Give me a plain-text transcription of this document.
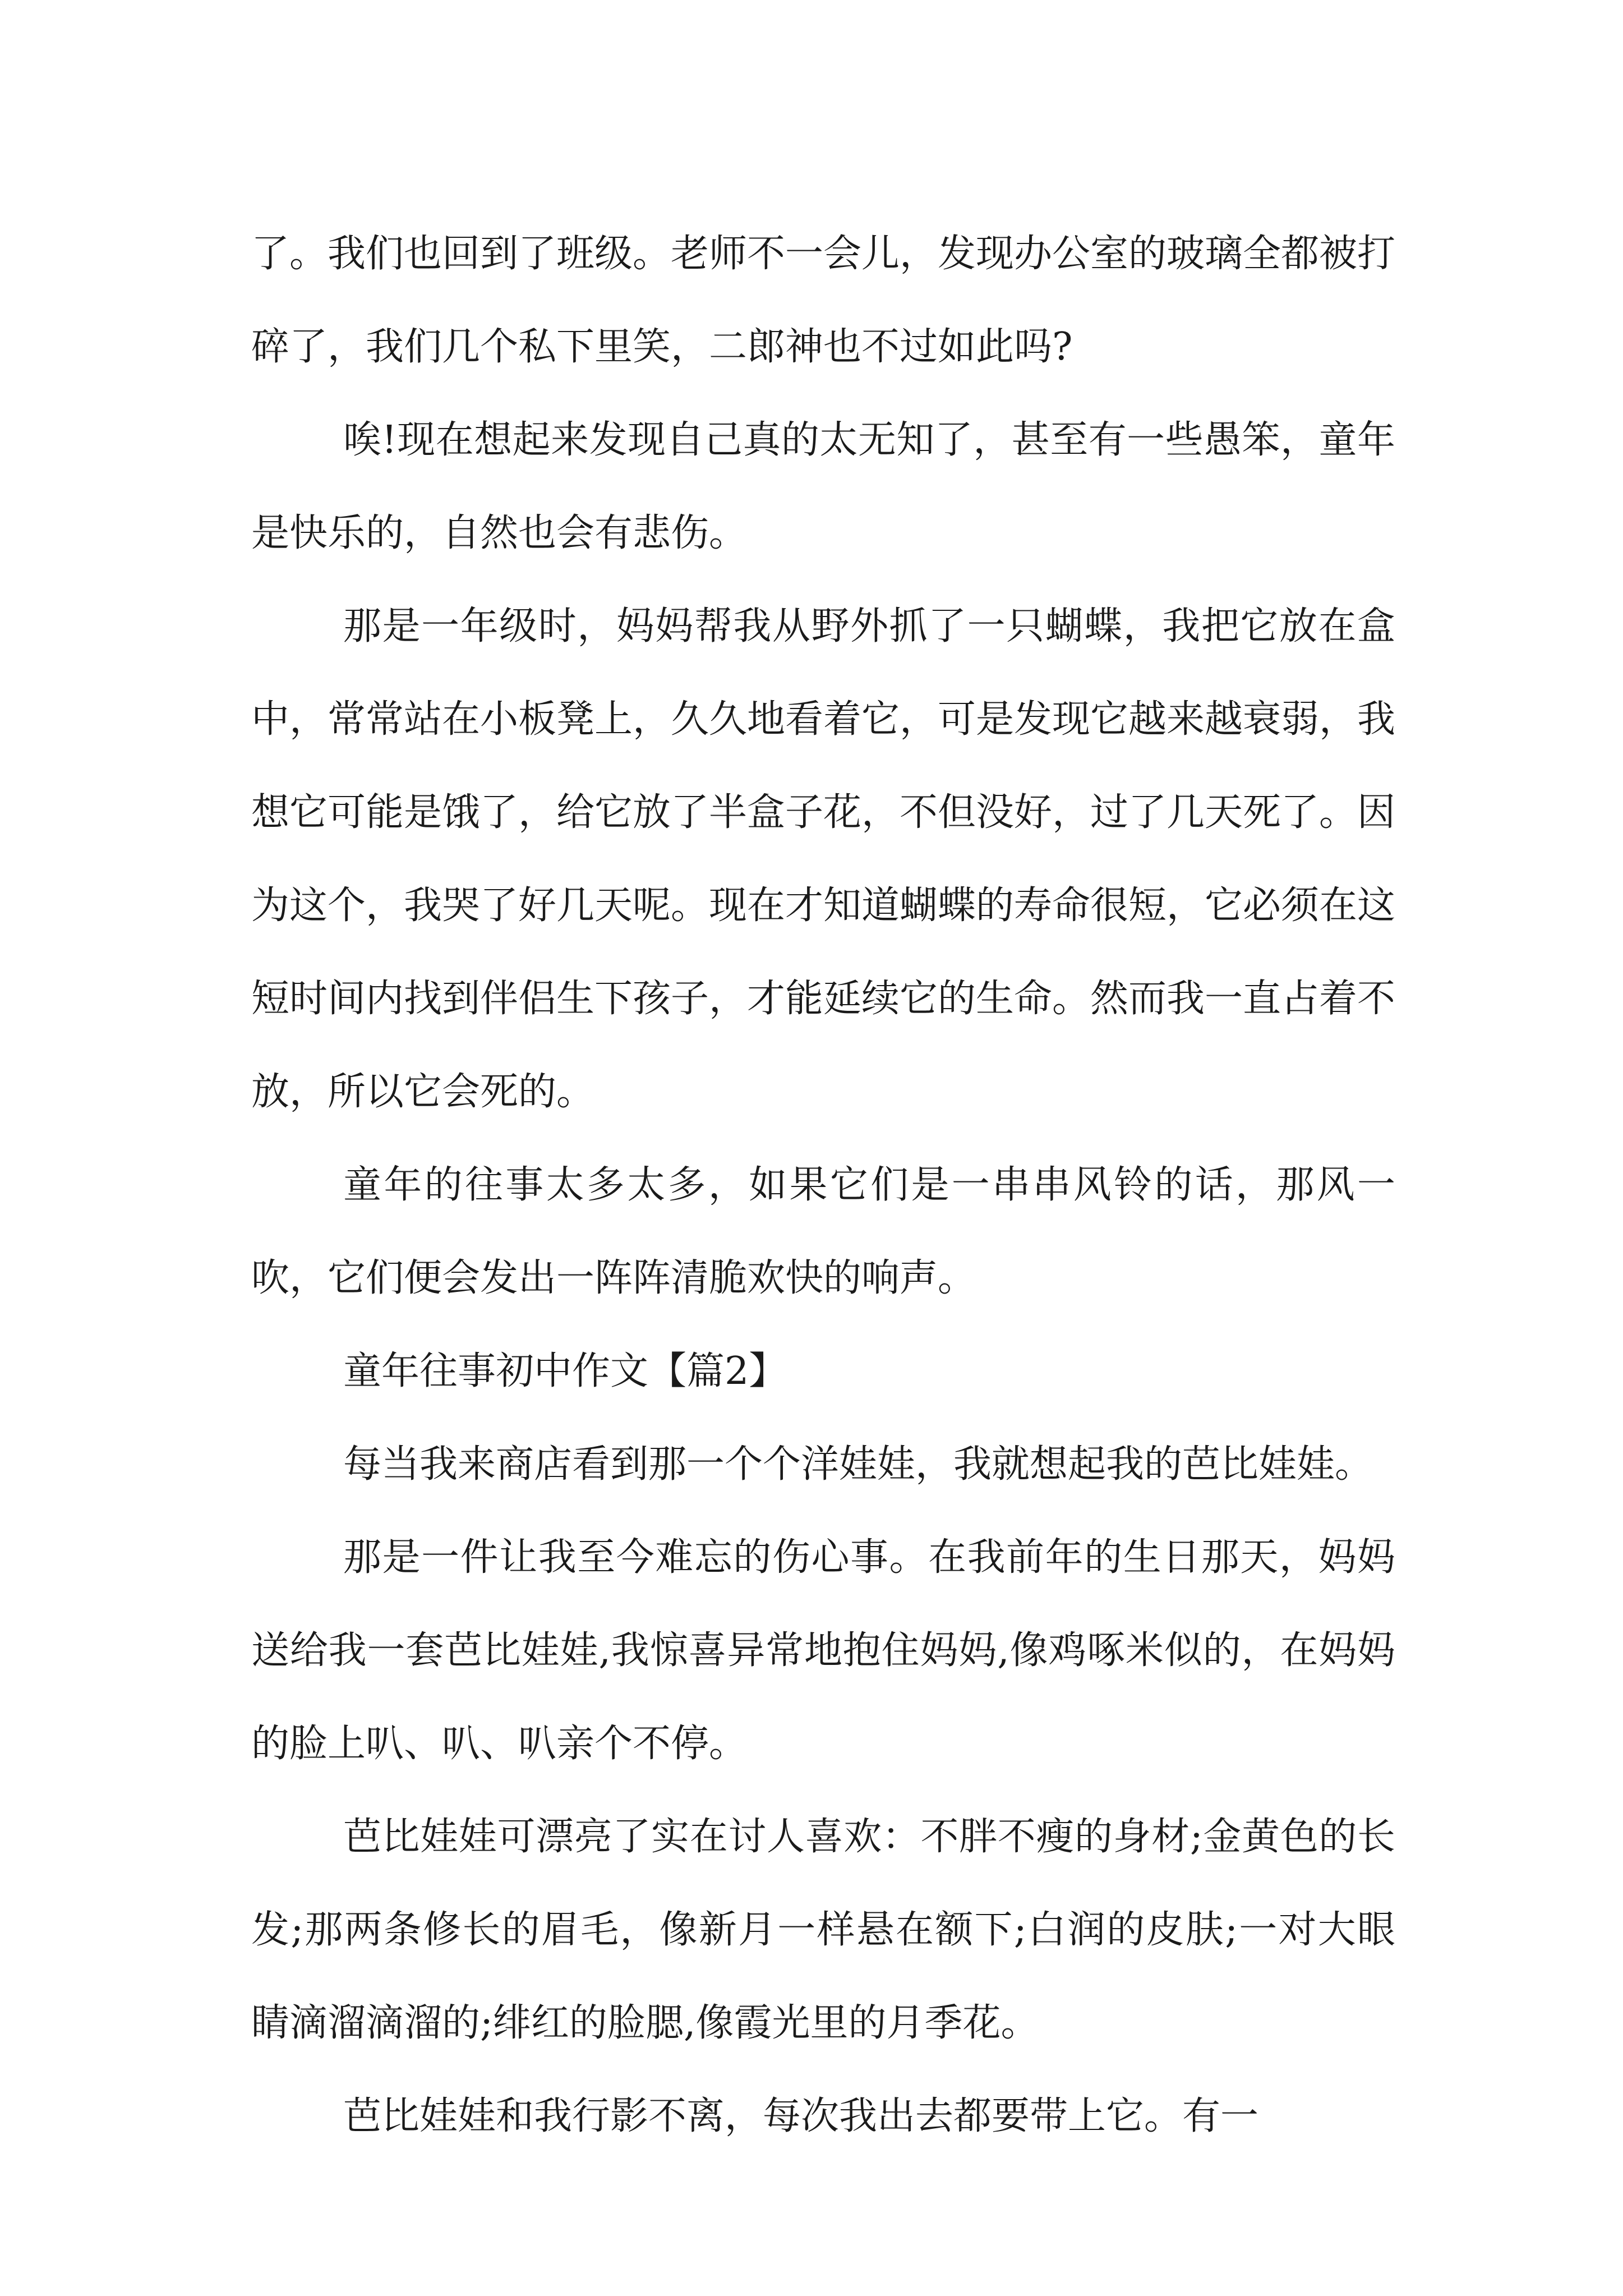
了。我们也回到了班级。老师不一会儿，发现办公室的玻璃全都被打碎了，我们几个私下里笑，二郎神也不过如此吗?

唉!现在想起来发现自己真的太无知了，甚至有一些愚笨，童年是快乐的，自然也会有悲伤。

那是一年级时，妈妈帮我从野外抓了一只蝴蝶，我把它放在盒中，常常站在小板凳上，久久地看着它，可是发现它越来越衰弱，我想它可能是饿了，给它放了半盒子花，不但没好，过了几天死了。因为这个，我哭了好几天呢。现在才知道蝴蝶的寿命很短，它必须在这短时间内找到伴侣生下孩子，才能延续它的生命。然而我一直占着不放，所以它会死的。

童年的往事太多太多，如果它们是一串串风铃的话，那风一吹，它们便会发出一阵阵清脆欢快的响声。

童年往事初中作文【篇2】

每当我来商店看到那一个个洋娃娃，我就想起我的芭比娃娃。

那是一件让我至今难忘的伤心事。在我前年的生日那天，妈妈送给我一套芭比娃娃,我惊喜异常地抱住妈妈,像鸡啄米似的，在妈妈的脸上叭、叭、叭亲个不停。

芭比娃娃可漂亮了实在讨人喜欢：不胖不瘦的身材;金黄色的长发;那两条修长的眉毛，像新月一样悬在额下;白润的皮肤;一对大眼睛滴溜滴溜的;绯红的脸腮,像霞光里的月季花。

芭比娃娃和我行影不离，每次我出去都要带上它。有一
